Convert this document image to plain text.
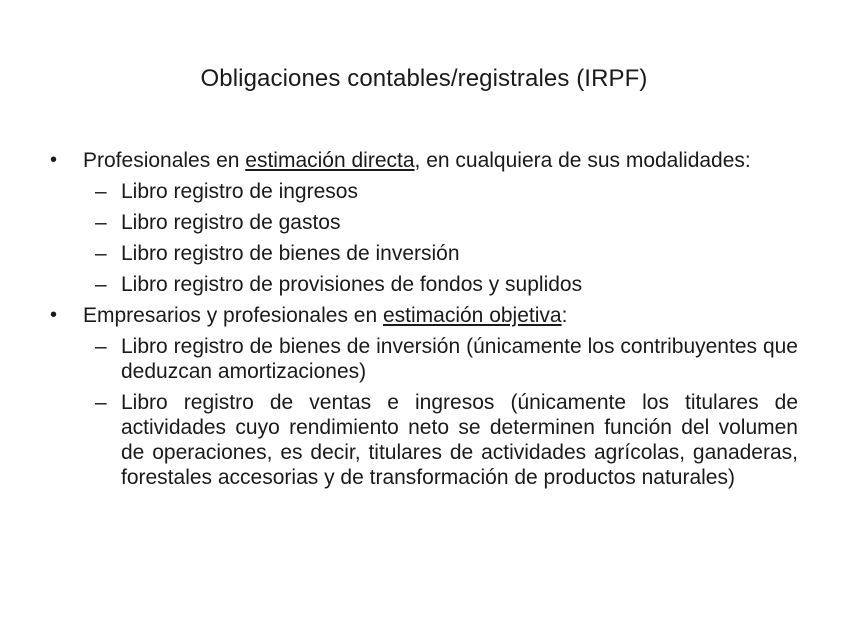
Obligaciones contables/registrales (IRPF)
• Profesionales en estimación directa, en cualquiera de sus modalidades:
– Libro registro de ingresos
– Libro registro de gastos
– Libro registro de bienes de inversión
– Libro registro de provisiones de fondos y suplidos
• Empresarios y profesionales en estimación objetiva:
– Libro registro de bienes de inversión (únicamente los contribuyentes que deduzcan amortizaciones)
– Libro registro de ventas e ingresos (únicamente los titulares de actividades cuyo rendimiento neto se determinen función del volumen de operaciones, es decir, titulares de actividades agrícolas, ganaderas, forestales accesorias y de transformación de productos naturales)
